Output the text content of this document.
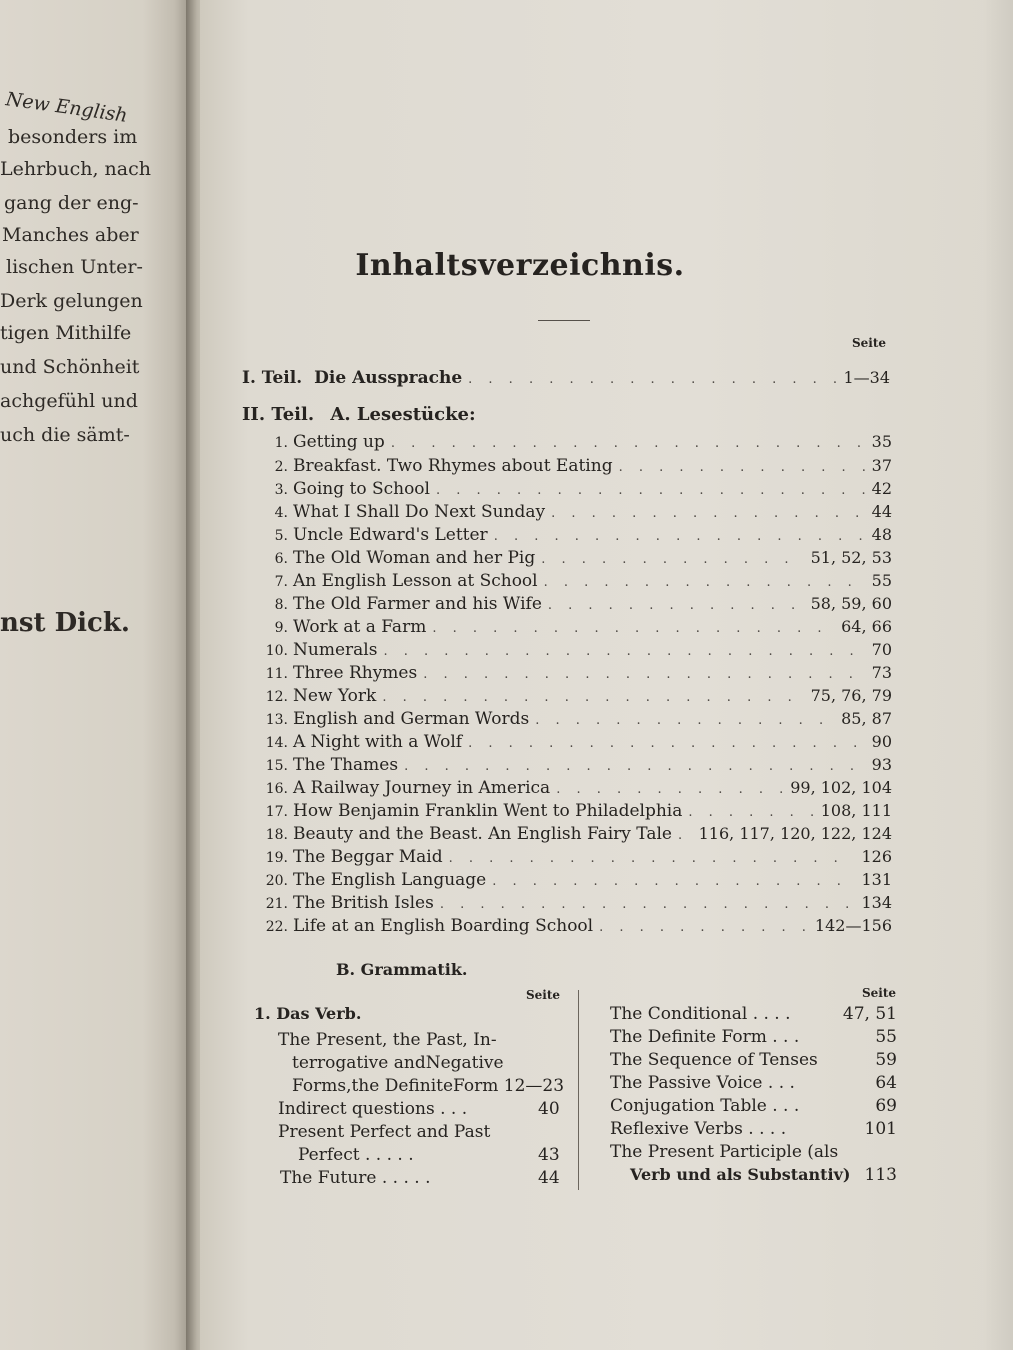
New English
besonders im
Lehrbuch, nach
gang der eng-
Manches aber
lischen Unter-
Derk gelungen
tigen Mithilfe
und Schönheit
achgefühl und
uch die sämt-
nst Dick.
Inhaltsverzeichnis.
Seite
I. Teil. Die Aussprache . . .	1—34
II. Teil. A. Lesestücke:
1. Getting up . . .	35
2. Breakfast. Two Rhymes about Eating . . .	37
3. Going to School . . .	42
4. What I Shall Do Next Sunday . . .	44
5. Uncle Edward's Letter . . .	48
6. The Old Woman and her Pig . . .	51, 52, 53
7. An English Lesson at School . . .	55
8. The Old Farmer and his Wife . . .	58, 59, 60
9. Work at a Farm . . .	64, 66
10. Numerals . . .	70
11. Three Rhymes . . .	73
12. New York . . .	75, 76, 79
13. English and German Words . . .	85, 87
14. A Night with a Wolf . . .	90
15. The Thames . . .	93
16. A Railway Journey in America . . .	99, 102, 104
17. How Benjamin Franklin Went to Philadelphia . . .	108, 111
18. Beauty and the Beast. An English Fairy Tale . . . 116, 117, 120, 122, 124
19. The Beggar Maid . . .	126
20. The English Language . . .	131
21. The British Isles . . .	134
22. Life at an English Boarding School . . .	142—156
B. Grammatik.
Seite	Seite
1. Das Verb.
The Present, the Past, In-
terrogative andNegative
Forms,the DefiniteForm 12—23
Indirect questions . . .	40
Present Perfect and Past
Perfect . . . . .	43
The Future . . . . .	44
The Conditional . . . .	47, 51
The Definite Form . . .	55
The Sequence of Tenses	59
The Passive Voice . . .	64
Conjugation Table . . .	69
Reflexive Verbs . . . .	101
The Present Participle (als
Verb und als Substantiv) 113
